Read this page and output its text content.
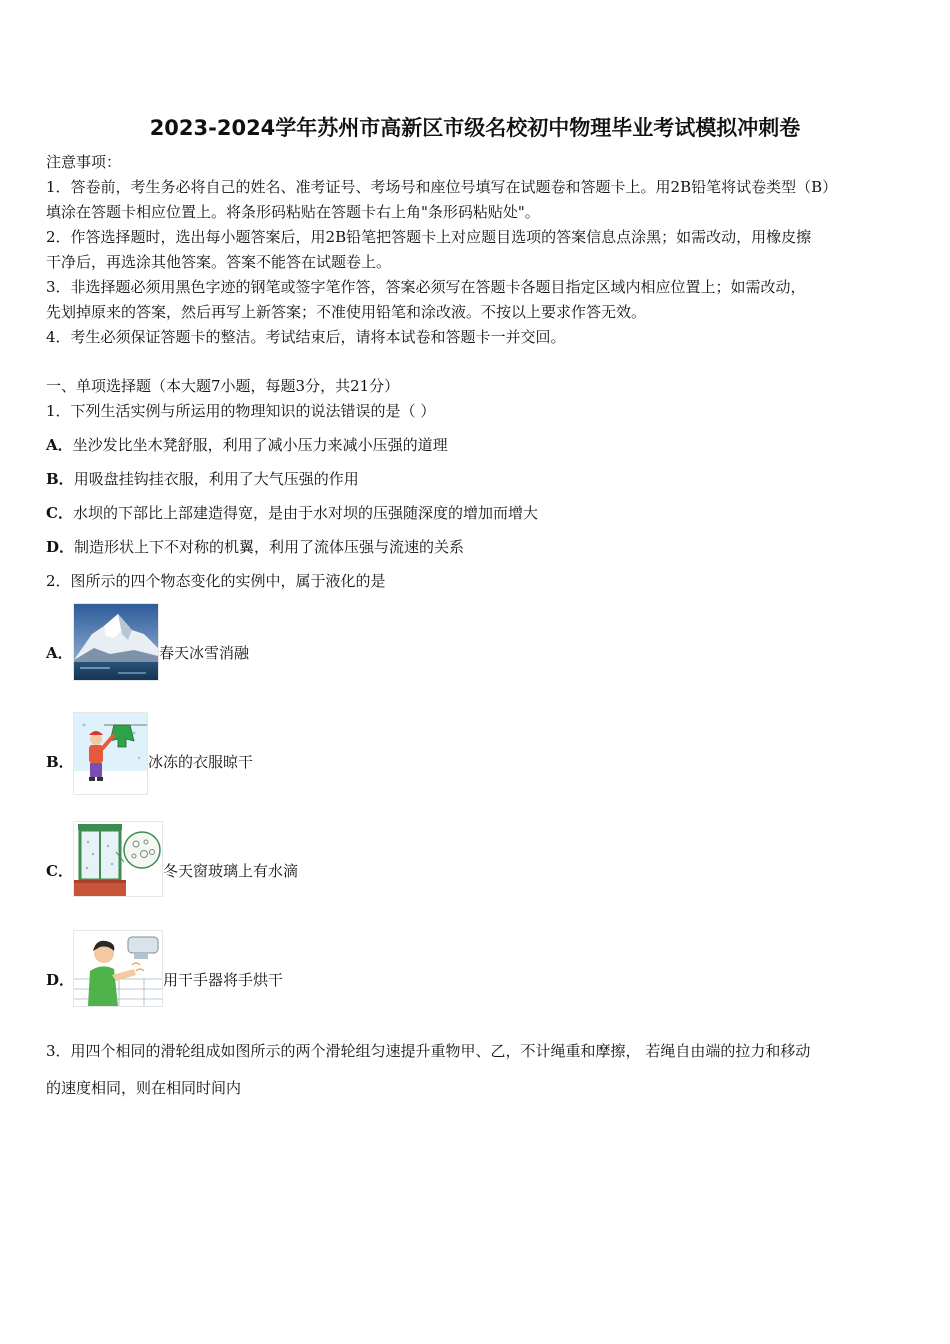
2023-2024学年苏州市高新区市级名校初中物理毕业考试模拟冲刺卷
注意事项：
1．答卷前，考生务必将自己的姓名、准考证号、考场号和座位号填写在试题卷和答题卡上。用2B铅笔将试卷类型（B）
填涂在答题卡相应位置上。将条形码粘贴在答题卡右上角"条形码粘贴处"。
2．作答选择题时，选出每小题答案后，用2B铅笔把答题卡上对应题目选项的答案信息点涂黑；如需改动，用橡皮擦
干净后，再选涂其他答案。答案不能答在试题卷上。
3．非选择题必须用黑色字迹的钢笔或签字笔作答，答案必须写在答题卡各题目指定区域内相应位置上；如需改动，
先划掉原来的答案，然后再写上新答案；不准使用铅笔和涂改液。不按以上要求作答无效。
4．考生必须保证答题卡的整洁。考试结束后，请将本试卷和答题卡一并交回。
一、单项选择题（本大题7小题，每题3分，共21分）
1．下列生活实例与所运用的物理知识的说法错误的是（ ）
A．坐沙发比坐木凳舒服，利用了减小压力来减小压强的道理
B．用吸盘挂钩挂衣服，利用了大气压强的作用
C．水坝的下部比上部建造得宽，是由于水对坝的压强随深度的增加而增大
D．制造形状上下不对称的机翼，利用了流体压强与流速的关系
2．图所示的四个物态变化的实例中，属于液化的是
A．	春天冰雪消融
B．	冰冻的衣服晾干
C．	冬天窗玻璃上有水滴
D．	用干手器将手烘干
3．用四个相同的滑轮组成如图所示的两个滑轮组匀速提升重物甲、乙，不计绳重和摩擦， 若绳自由端的拉力和移动
的速度相同，则在相同时间内
